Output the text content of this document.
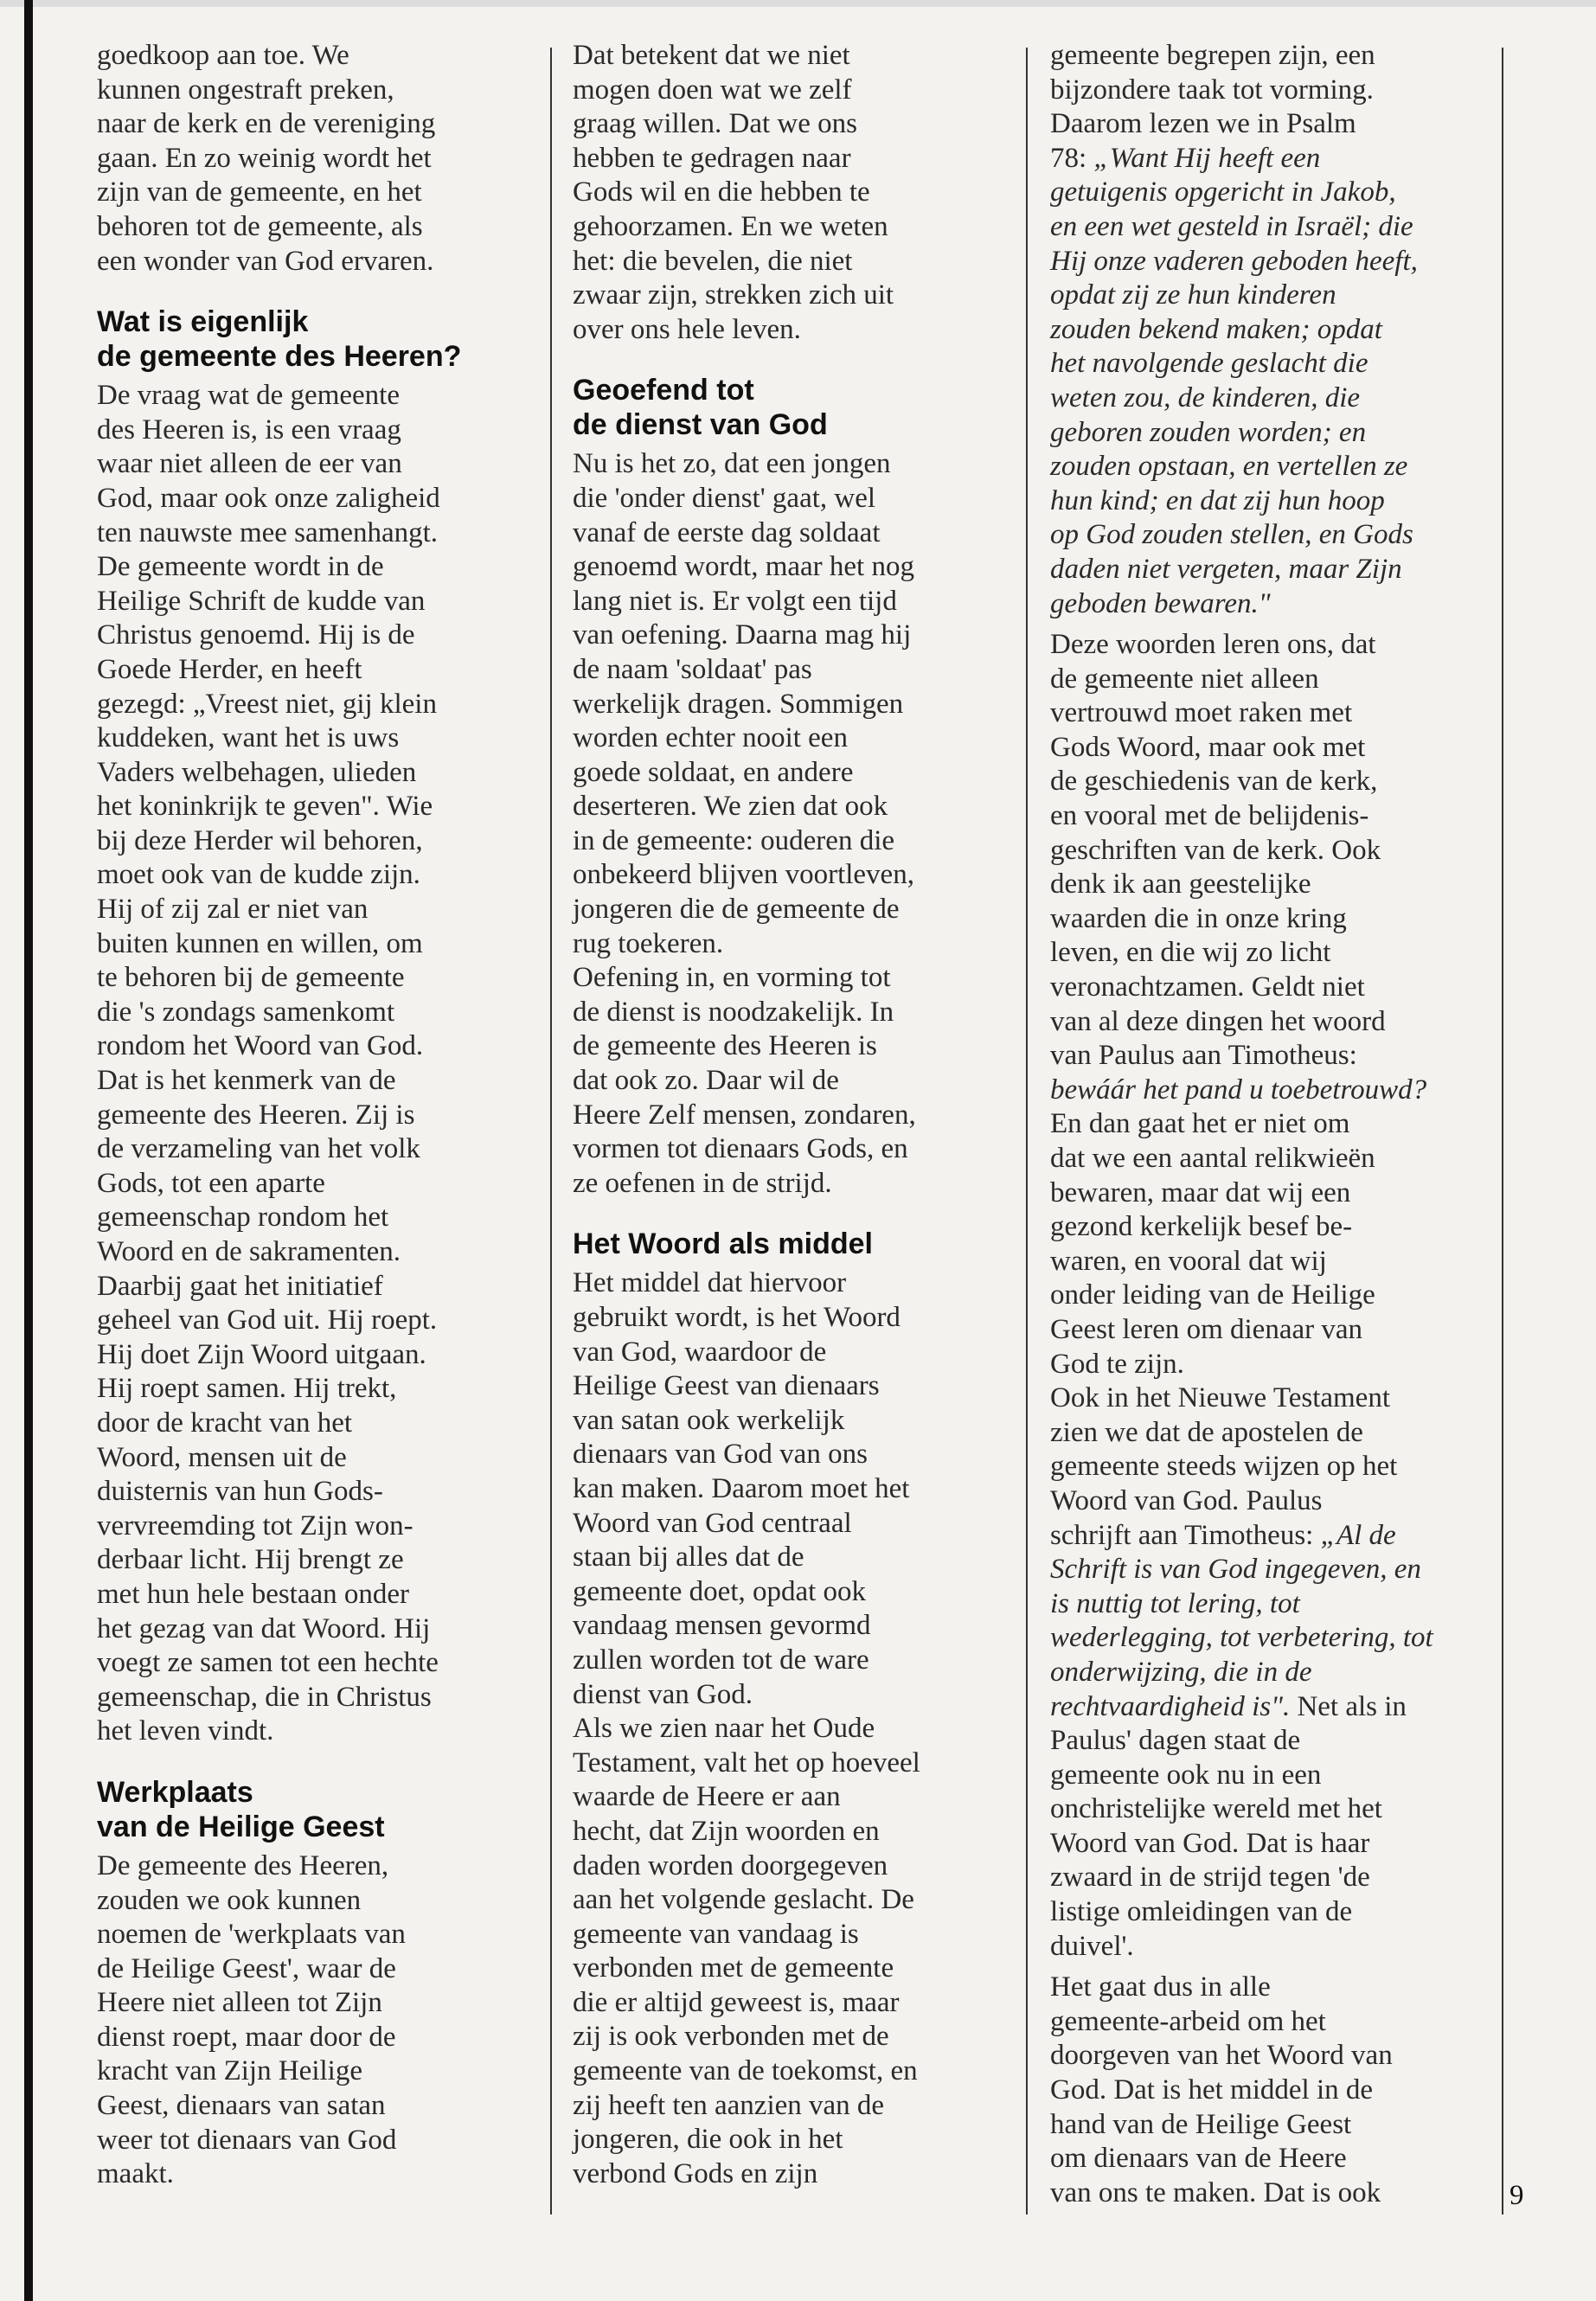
goedkoop aan toe. We
kunnen ongestraft preken,
naar de kerk en de vereniging
gaan. En zo weinig wordt het
zijn van de gemeente, en het
behoren tot de gemeente, als
een wonder van God ervaren.

Wat is eigenlijk
de gemeente des Heeren?

De vraag wat de gemeente
des Heeren is, is een vraag
waar niet alleen de eer van
God, maar ook onze zaligheid
ten nauwste mee samenhangt.
De gemeente wordt in de
Heilige Schrift de kudde van
Christus genoemd. Hij is de
Goede Herder, en heeft
gezegd: „Vreest niet, gij klein
kuddeken, want het is uws
Vaders welbehagen, ulieden
het koninkrijk te geven". Wie
bij deze Herder wil behoren,
moet ook van de kudde zijn.
Hij of zij zal er niet van
buiten kunnen en willen, om
te behoren bij de gemeente
die 's zondags samenkomt
rondom het Woord van God.
Dat is het kenmerk van de
gemeente des Heeren. Zij is
de verzameling van het volk
Gods, tot een aparte
gemeenschap rondom het
Woord en de sakramenten.
Daarbij gaat het initiatief
geheel van God uit. Hij roept.
Hij doet Zijn Woord uitgaan.
Hij roept samen. Hij trekt,
door de kracht van het
Woord, mensen uit de
duisternis van hun Gods-
vervreemding tot Zijn won-
derbaar licht. Hij brengt ze
met hun hele bestaan onder
het gezag van dat Woord. Hij
voegt ze samen tot een hechte
gemeenschap, die in Christus
het leven vindt.

Werkplaats
van de Heilige Geest

De gemeente des Heeren,
zouden we ook kunnen
noemen de 'werkplaats van
de Heilige Geest', waar de
Heere niet alleen tot Zijn
dienst roept, maar door de
kracht van Zijn Heilige
Geest, dienaars van satan
weer tot dienaars van God
maakt.

Dat betekent dat we niet
mogen doen wat we zelf
graag willen. Dat we ons
hebben te gedragen naar
Gods wil en die hebben te
gehoorzamen. En we weten
het: die bevelen, die niet
zwaar zijn, strekken zich uit
over ons hele leven.

Geoefend tot
de dienst van God

Nu is het zo, dat een jongen
die 'onder dienst' gaat, wel
vanaf de eerste dag soldaat
genoemd wordt, maar het nog
lang niet is. Er volgt een tijd
van oefening. Daarna mag hij
de naam 'soldaat' pas
werkelijk dragen. Sommigen
worden echter nooit een
goede soldaat, en andere
deserteren. We zien dat ook
in de gemeente: ouderen die
onbekeerd blijven voortleven,
jongeren die de gemeente de
rug toekeren.
Oefening in, en vorming tot
de dienst is noodzakelijk. In
de gemeente des Heeren is
dat ook zo. Daar wil de
Heere Zelf mensen, zondaren,
vormen tot dienaars Gods, en
ze oefenen in de strijd.

Het Woord als middel

Het middel dat hiervoor
gebruikt wordt, is het Woord
van God, waardoor de
Heilige Geest van dienaars
van satan ook werkelijk
dienaars van God van ons
kan maken. Daarom moet het
Woord van God centraal
staan bij alles dat de
gemeente doet, opdat ook
vandaag mensen gevormd
zullen worden tot de ware
dienst van God.
Als we zien naar het Oude
Testament, valt het op hoeveel
waarde de Heere er aan
hecht, dat Zijn woorden en
daden worden doorgegeven
aan het volgende geslacht. De
gemeente van vandaag is
verbonden met de gemeente
die er altijd geweest is, maar
zij is ook verbonden met de
gemeente van de toekomst, en
zij heeft ten aanzien van de
jongeren, die ook in het
verbond Gods en zijn

gemeente begrepen zijn, een
bijzondere taak tot vorming.
Daarom lezen we in Psalm
78: „Want Hij heeft een
getuigenis opgericht in Jakob,
en een wet gesteld in Israël; die
Hij onze vaderen geboden heeft,
opdat zij ze hun kinderen
zouden bekend maken; opdat
het navolgende geslacht die
weten zou, de kinderen, die
geboren zouden worden; en
zouden opstaan, en vertellen ze
hun kind; en dat zij hun hoop
op God zouden stellen, en Gods
daden niet vergeten, maar Zijn
geboden bewaren."

Deze woorden leren ons, dat
de gemeente niet alleen
vertrouwd moet raken met
Gods Woord, maar ook met
de geschiedenis van de kerk,
en vooral met de belijdenis-
geschriften van de kerk. Ook
denk ik aan geestelijke
waarden die in onze kring
leven, en die wij zo licht
veronachtzamen. Geldt niet
van al deze dingen het woord
van Paulus aan Timotheus:
bewáár het pand u toebetrouwd?
En dan gaat het er niet om
dat we een aantal relikwieën
bewaren, maar dat wij een
gezond kerkelijk besef be-
waren, en vooral dat wij
onder leiding van de Heilige
Geest leren om dienaar van
God te zijn.
Ook in het Nieuwe Testament
zien we dat de apostelen de
gemeente steeds wijzen op het
Woord van God. Paulus
schrijft aan Timotheus: „Al de
Schrift is van God ingegeven, en
is nuttig tot lering, tot
wederlegging, tot verbetering, tot
onderwijzing, die in de
rechtvaardigheid is". Net als in
Paulus' dagen staat de
gemeente ook nu in een
onchristelijke wereld met het
Woord van God. Dat is haar
zwaard in de strijd tegen 'de
listige omleidingen van de
duivel'.

Het gaat dus in alle
gemeente-arbeid om het
doorgeven van het Woord van
God. Dat is het middel in de
hand van de Heilige Geest
om dienaars van de Heere
van ons te maken. Dat is ook	9
